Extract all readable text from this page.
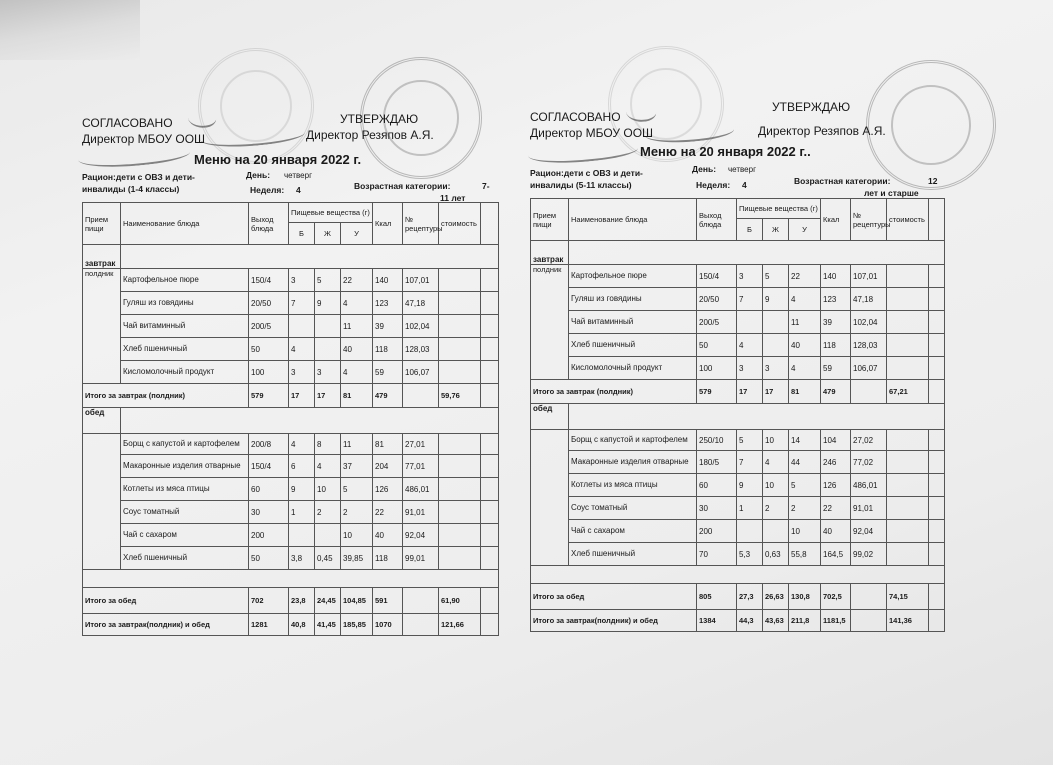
СОГЛАСОВАНО	УТВЕРЖДАЮ
Директор МБОУ ООШ	Директор Резяпов А.Я.
Меню на 20 января 2022 г.
Рацион:дети с ОВЗ и дети-
инвалиды (1-4 классы)
День: четверг
Неделя: 4	Возрастная категории:	7-
11 лет
Прием пищи	Наименование блюда	Выход блюда	Пищевые вещества (г)			Ккал	№ рецептуры	стоимость	
			Б	Ж	У				
завтрак									
полдник	Картофельное пюре	150/4	3	5	22	140	107,01		
	Гуляш из говядины	20/50	7	9	4	123	47,18		
	Чай витаминный	200/5			11	39	102,04		
	Хлеб пшеничный	50	4		40	118	128,03		
	Кисломолочный продукт	100	3	3	4	59	106,07		
Итого за завтрак (полдник)		579	17	17	81	479		59,76	
обед									
	Борщ с капустой и картофелем	200/8	4	8	11	81	27,01		
	Макаронные изделия отварные	150/4	6	4	37	204	77,01		
	Котлеты из мяса птицы	60	9	10	5	126	486,01		
	Соус томатный	30	1	2	2	22	91,01		
	Чай с сахаром	200			10	40	92,04		
	Хлеб пшеничный	50	3,8	0,45	39,85	118	99,01		

Итого за обед		702	23,8	24,45	104,85	591		61,90	
Итого за завтрак(полдник) и обед		1281	40,8	41,45	185,85	1070		121,66	
СОГЛАСОВАНО
УТВЕРЖДАЮ
Директор МБОУ ООШ	Директор Резяпов А.Я.
Меню на 20 января 2022 г..
Рацион:дети с ОВЗ и дети-
инвалиды (5-11 классы)
День: четверг
Неделя: 4	Возрастная категории:	12
лет и старше
Прием пищи	Наименование блюда	Выход блюда	Пищевые вещества (г)			Ккал	№ рецептуры	стоимость	
			Б	Ж	У				
завтрак									
полдник	Картофельное пюре	150/4	3	5	22	140	107,01		
	Гуляш из говядины	20/50	7	9	4	123	47,18		
	Чай витаминный	200/5			11	39	102,04		
	Хлеб пшеничный	50	4		40	118	128,03		
	Кисломолочный продукт	100	3	3	4	59	106,07		
Итого за завтрак (полдник)		579	17	17	81	479		67,21	
обед									
	Борщ с капустой и картофелем	250/10	5	10	14	104	27,02		
	Макаронные изделия отварные	180/5	7	4	44	246	77,02		
	Котлеты из мяса птицы	60	9	10	5	126	486,01		
	Соус томатный	30	1	2	2	22	91,01		
	Чай с сахаром	200			10	40	92,04		
	Хлеб пшеничный	70	5,3	0,63	55,8	164,5	99,02		

Итого за обед		805	27,3	26,63	130,8	702,5		74,15	
Итого за завтрак(полдник) и обед		1384	44,3	43,63	211,8	1181,5		141,36	
